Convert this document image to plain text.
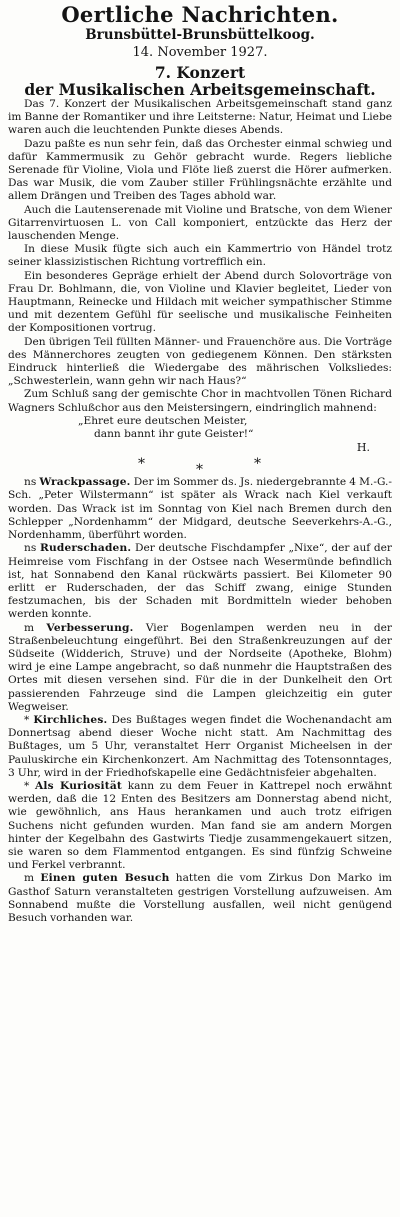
Oertliche Nachrichten.
Brunsbüttel-Brunsbüttelkoog.
14. November 1927.
7. Konzert
der Musikalischen Arbeitsgemeinschaft.

Das 7. Konzert der Musikalischen Arbeitsgemeinschaft stand ganz im Banne der Romantiker und ihre Leitsterne: Natur, Heimat und Liebe waren auch die leuchtenden Punkte dieses Abends.

Dazu paßte es nun sehr fein, daß das Orchester einmal schwieg und dafür Kammermusik zu Gehör gebracht wurde. Regers liebliche Serenade für Violine, Viola und Flöte ließ zuerst die Hörer aufmerken. Das war Musik, die vom Zauber stiller Frühlingsnächte erzählte und allem Drängen und Treiben des Tages abhold war.

Auch die Lautenserenade mit Violine und Bratsche, von dem Wiener Gitarrenvirtuosen L. von Call komponiert, entzückte das Herz der lauschenden Menge.

In diese Musik fügte sich auch ein Kammertrio von Händel trotz seiner klassizistischen Richtung vortrefflich ein.

Ein besonderes Gepräge erhielt der Abend durch Solovorträge von Frau Dr. Bohlmann, die, von Violine und Klavier begleitet, Lieder von Hauptmann, Reinecke und Hildach mit weicher sympathischer Stimme und mit dezentem Gefühl für seelische und musikalische Feinheiten der Kompositionen vortrug.

Den übrigen Teil füllten Männer- und Frauenchöre aus. Die Vorträge des Männerchores zeugten von gediegenem Können. Den stärksten Eindruck hinterließ die Wiedergabe des mährischen Volksliedes: „Schwesterlein, wann gehn wir nach Haus?“

Zum Schluß sang der gemischte Chor in machtvollen Tönen Richard Wagners Schlußchor aus den Meistersingern, eindringlich mahnend:

„Ehret eure deutschen Meister,
dann bannt ihr gute Geister!“
H.
*	*	*

ns Wrackpassage. Der im Sommer ds. Js. niedergebrannte 4 M.-G.-Sch. „Peter Wilstermann“ ist später als Wrack nach Kiel verkauft worden. Das Wrack ist im Sonntag von Kiel nach Bremen durch den Schlepper „Nordenhamm“ der Midgard, deutsche Seeverkehrs-A.-G., Nordenhamm, überführt worden.

ns Ruderschaden. Der deutsche Fischdampfer „Nixe“, der auf der Heimreise vom Fischfang in der Ostsee nach Wesermünde befindlich ist, hat Sonnabend den Kanal rückwärts passiert. Bei Kilometer 90 erlitt er Ruderschaden, der das Schiff zwang, einige Stunden festzumachen, bis der Schaden mit Bordmitteln wieder behoben werden konnte.

m Verbesserung. Vier Bogenlampen werden neu in der Straßenbeleuchtung eingeführt. Bei den Straßenkreuzungen auf der Südseite (Widderich, Struve) und der Nordseite (Apotheke, Blohm) wird je eine Lampe angebracht, so daß nunmehr die Hauptstraßen des Ortes mit diesen versehen sind. Für die in der Dunkelheit den Ort passierenden Fahrzeuge sind die Lampen gleichzeitig ein guter Wegweiser.

* Kirchliches. Des Bußtages wegen findet die Wochenandacht am Donnertsag abend dieser Woche nicht statt. Am Nachmittag des Bußtages, um 5 Uhr, veranstaltet Herr Organist Micheelsen in der Pauluskirche ein Kirchenkonzert. Am Nachmittag des Totensonntages, 3 Uhr, wird in der Friedhofskapelle eine Gedächtnisfeier abgehalten.

* Als Kuriosität kann zu dem Feuer in Kattrepel noch erwähnt werden, daß die 12 Enten des Besitzers am Donnerstag abend nicht, wie gewöhnlich, ans Haus herankamen und auch trotz eifrigen Suchens nicht gefunden wurden. Man fand sie am andern Morgen hinter der Kegelbahn des Gastwirts Tiedje zusammengekauert sitzen, sie waren so dem Flammentod entgangen. Es sind fünfzig Schweine und Ferkel verbrannt.

m Einen guten Besuch hatten die vom Zirkus Don Marko im Gasthof Saturn veranstalteten gestrigen Vorstellung aufzuweisen. Am Sonnabend mußte die Vorstellung ausfallen, weil nicht genügend Besuch vorhanden war.
